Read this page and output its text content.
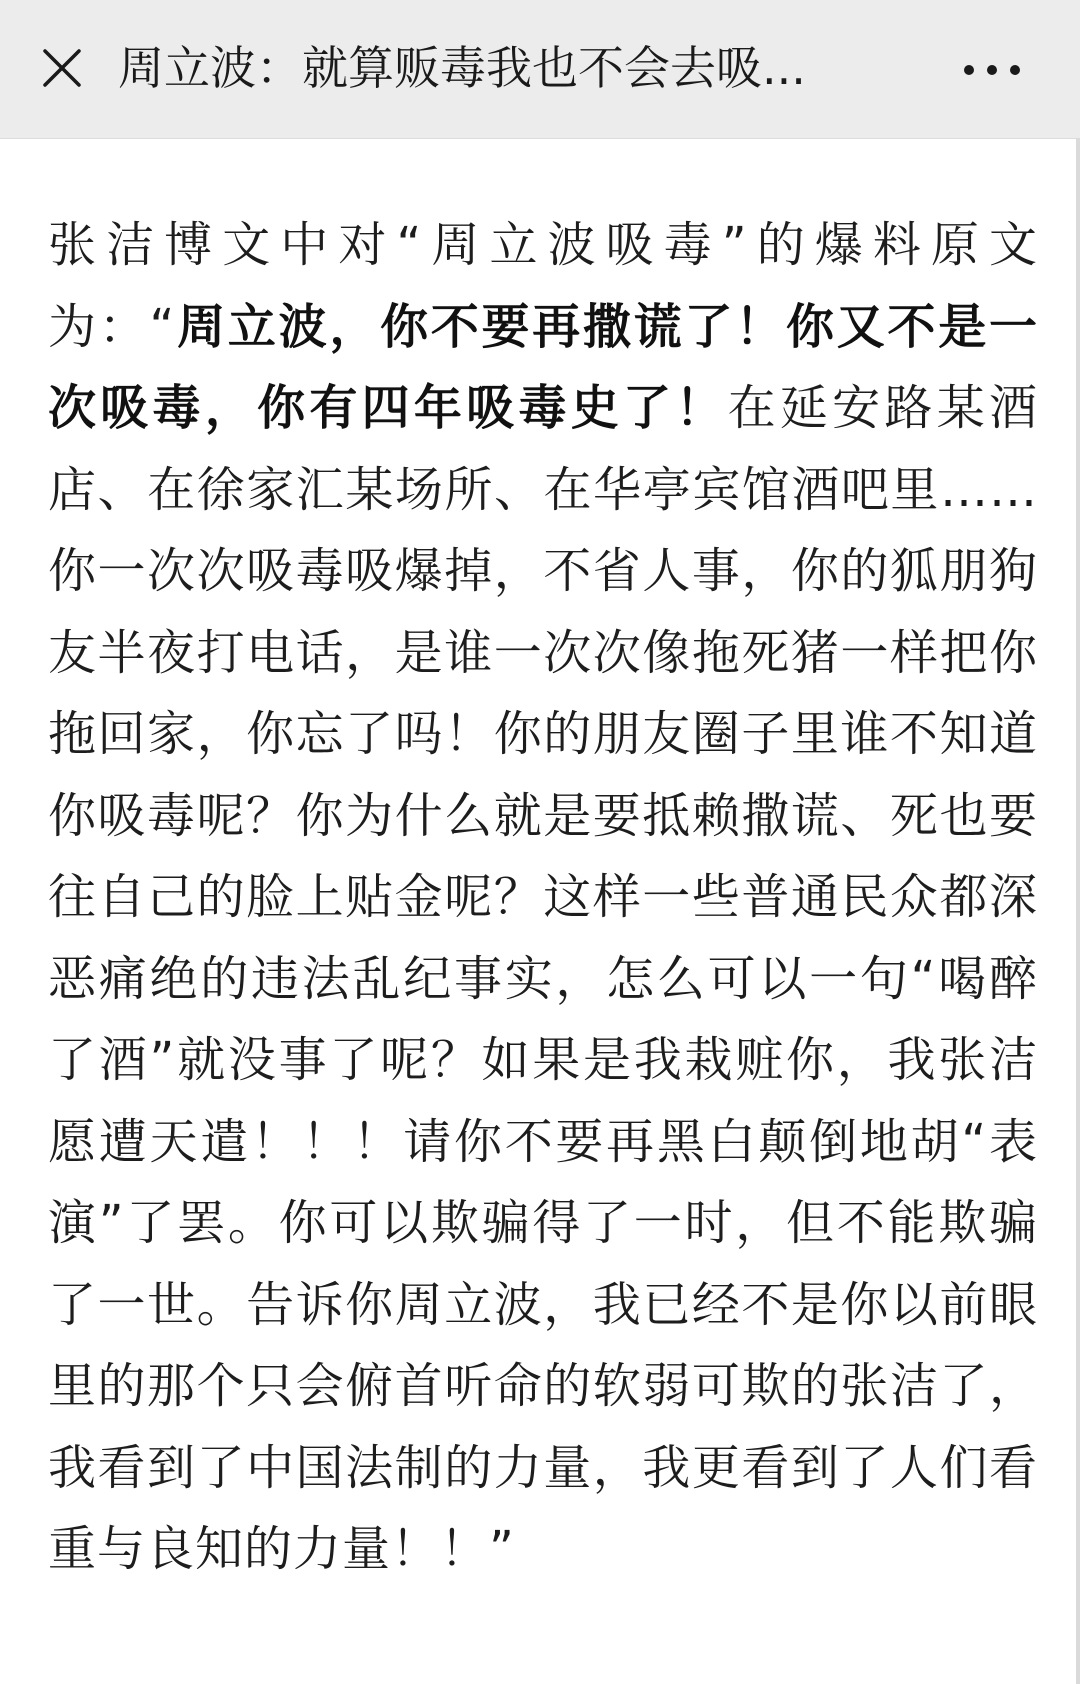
周立波：就算贩毒我也不会去吸...
张洁博文中对“周立波吸毒”的爆料原文为：“周立波，你不要再撒谎了！你又不是一次吸毒，你有四年吸毒史了！在延安路某酒店、在徐家汇某场所、在华亭宾馆酒吧里……你一次次吸毒吸爆掉，不省人事，你的狐朋狗友半夜打电话，是谁一次次像拖死猪一样把你拖回家，你忘了吗！你的朋友圈子里谁不知道你吸毒呢？你为什么就是要抵赖撒谎、死也要往自己的脸上贴金呢？这样一些普通民众都深恶痛绝的违法乱纪事实，怎么可以一句“喝醉了酒”就没事了呢？如果是我栽赃你，我张洁愿遭天遣！！！请你不要再黑白颠倒地胡“表演”了罢。你可以欺骗得了一时，但不能欺骗了一世。告诉你周立波，我已经不是你以前眼里的那个只会俯首听命的软弱可欺的张洁了，我看到了中国法制的力量，我更看到了人们看重与良知的力量！！”
